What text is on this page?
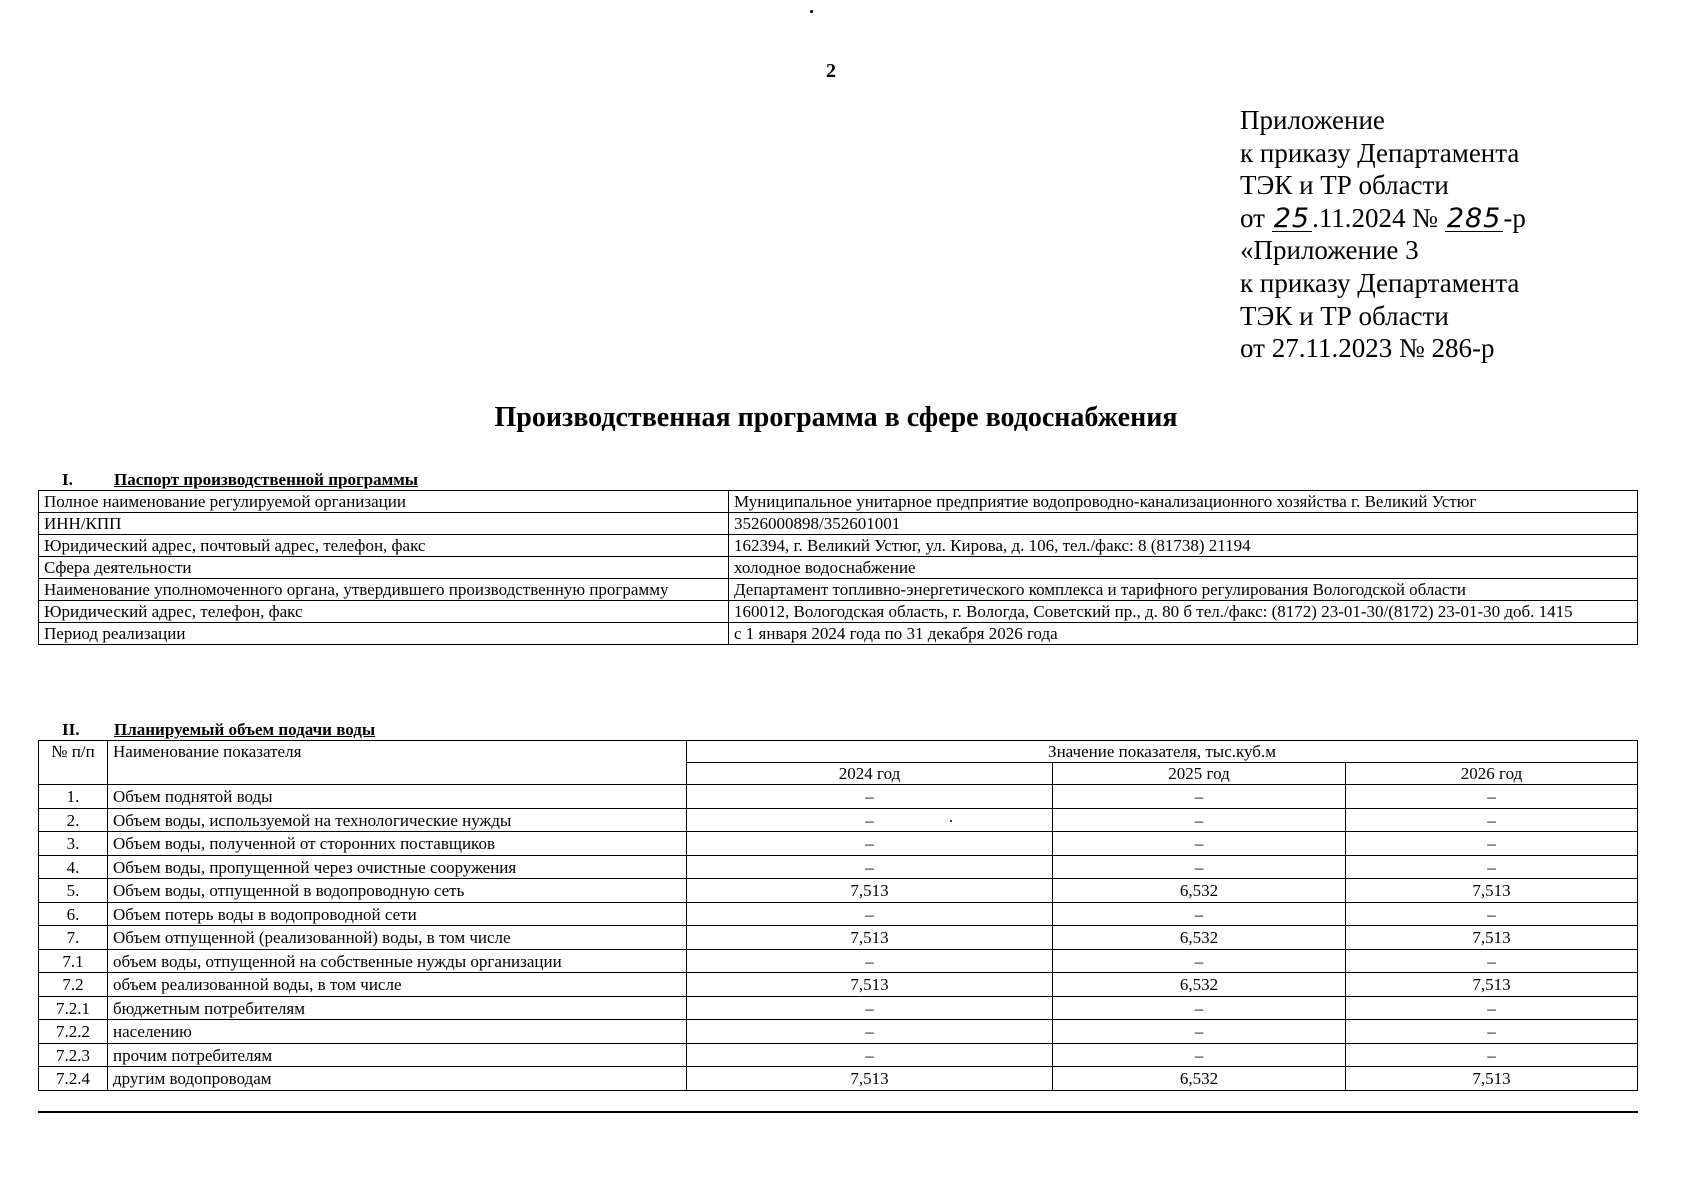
2
Приложение
к приказу Департамента
ТЭК и ТР области
от 25.11.2024 № 285-р
«Приложение 3
к приказу Департамента
ТЭК и ТР области
от 27.11.2023 № 286-р
Производственная программа в сфере водоснабжения
I. Паспорт производственной программы
Полное наименование регулируемой организации	Муниципальное унитарное предприятие водопроводно-канализационного хозяйства г. Великий Устюг
ИНН/КПП	3526000898/352601001
Юридический адрес, почтовый адрес, телефон, факс	162394, г. Великий Устюг, ул. Кирова, д. 106, тел./факс: 8 (81738) 21194
Сфера деятельности	холодное водоснабжение
Наименование уполномоченного органа, утвердившего производственную программу	Департамент топливно-энергетического комплекса и тарифного регулирования Вологодской области
Юридический адрес, телефон, факс	160012, Вологодская область, г. Вологда, Советский пр., д. 80 б тел./факс: (8172) 23-01-30/(8172) 23-01-30 доб. 1415
Период реализации	с 1 января 2024 года по 31 декабря 2026 года
II. Планируемый объем подачи воды
№ п/п	Наименование показателя	Значение показателя, тыс.куб.м		
		2024 год	2025 год	2026 год
1.	Объем поднятой воды	–	–	–
2.	Объем воды, используемой на технологические нужды	–	–	–
3.	Объем воды, полученной от сторонних поставщиков	–	–	–
4.	Объем воды, пропущенной через очистные сооружения	–	–	–
5.	Объем воды, отпущенной в водопроводную сеть	7,513	6,532	7,513
6.	Объем потерь воды в водопроводной сети	–	–	–
7.	Объем отпущенной (реализованной) воды, в том числе	7,513	6,532	7,513
7.1	объем воды, отпущенной на собственные нужды организации	–	–	–
7.2	объем реализованной воды, в том числе	7,513	6,532	7,513
7.2.1	бюджетным потребителям	–	–	–
7.2.2	населению	–	–	–
7.2.3	прочим потребителям	–	–	–
7.2.4	другим водопроводам	7,513	6,532	7,513
